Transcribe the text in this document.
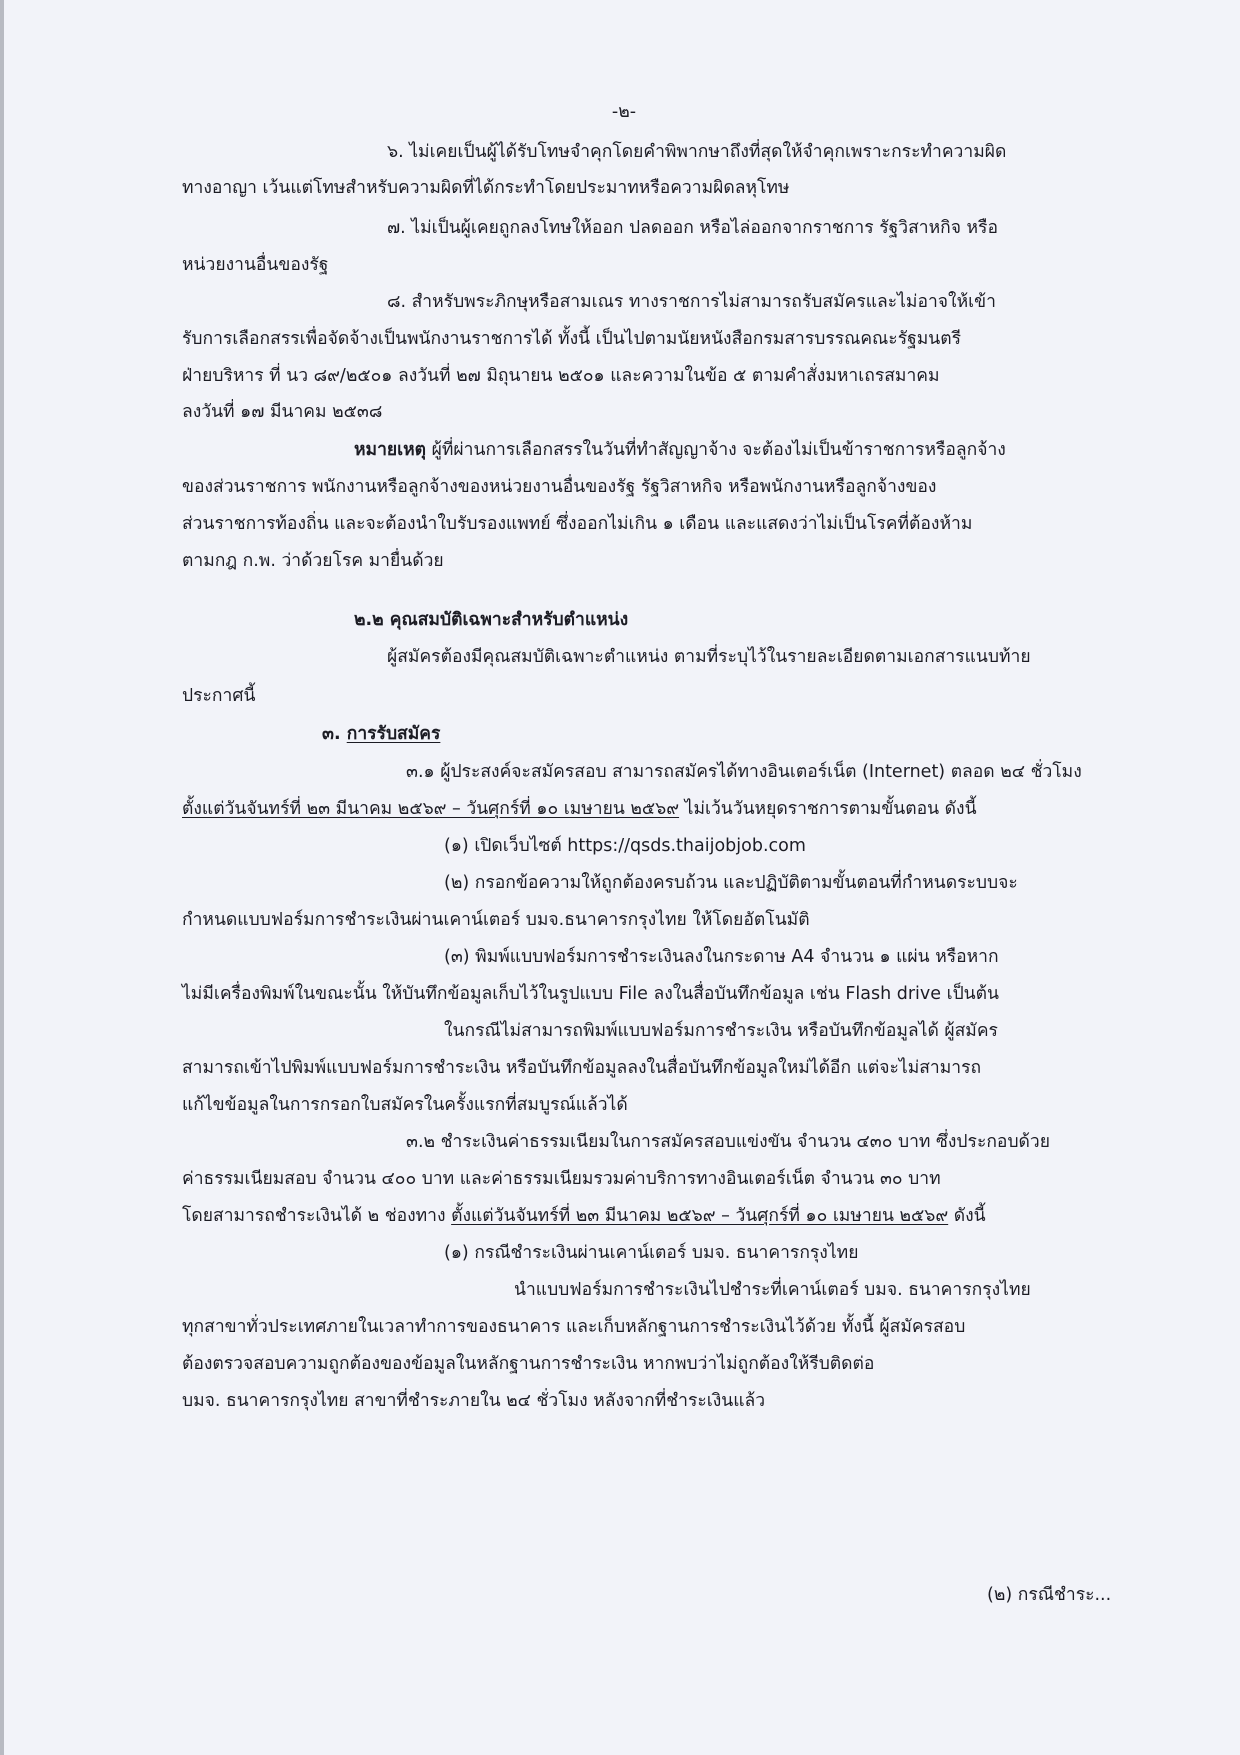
-๒-
๖. ไม่เคยเป็นผู้ได้รับโทษจำคุกโดยคำพิพากษาถึงที่สุดให้จำคุกเพราะกระทำความผิด
ทางอาญา เว้นแต่โทษสำหรับความผิดที่ได้กระทำโดยประมาทหรือความผิดลหุโทษ
๗. ไม่เป็นผู้เคยถูกลงโทษให้ออก ปลดออก หรือไล่ออกจากราชการ รัฐวิสาหกิจ หรือ
หน่วยงานอื่นของรัฐ
๘. สำหรับพระภิกษุหรือสามเณร ทางราชการไม่สามารถรับสมัครและไม่อาจให้เข้า
รับการเลือกสรรเพื่อจัดจ้างเป็นพนักงานราชการได้ ทั้งนี้ เป็นไปตามนัยหนังสือกรมสารบรรณคณะรัฐมนตรี
ฝ่ายบริหาร ที่ นว ๘๙/๒๕๐๑ ลงวันที่ ๒๗ มิถุนายน ๒๕๐๑ และความในข้อ ๕ ตามคำสั่งมหาเถรสมาคม
ลงวันที่ ๑๗ มีนาคม ๒๕๓๘
หมายเหตุ ผู้ที่ผ่านการเลือกสรรในวันที่ทำสัญญาจ้าง จะต้องไม่เป็นข้าราชการหรือลูกจ้าง
ของส่วนราชการ พนักงานหรือลูกจ้างของหน่วยงานอื่นของรัฐ รัฐวิสาหกิจ หรือพนักงานหรือลูกจ้างของ
ส่วนราชการท้องถิ่น และจะต้องนำใบรับรองแพทย์ ซึ่งออกไม่เกิน ๑ เดือน และแสดงว่าไม่เป็นโรคที่ต้องห้าม
ตามกฎ ก.พ. ว่าด้วยโรค มายื่นด้วย
๒.๒ คุณสมบัติเฉพาะสำหรับตำแหน่ง
ผู้สมัครต้องมีคุณสมบัติเฉพาะตำแหน่ง ตามที่ระบุไว้ในรายละเอียดตามเอกสารแนบท้าย
ประกาศนี้
๓. การรับสมัคร
๓.๑ ผู้ประสงค์จะสมัครสอบ สามารถสมัครได้ทางอินเตอร์เน็ต (Internet) ตลอด ๒๔ ชั่วโมง
ตั้งแต่วันจันทร์ที่ ๒๓ มีนาคม ๒๕๖๙ – วันศุกร์ที่ ๑๐ เมษายน ๒๕๖๙ ไม่เว้นวันหยุดราชการตามขั้นตอน ดังนี้
(๑) เปิดเว็บไซต์ https://qsds.thaijobjob.com
(๒) กรอกข้อความให้ถูกต้องครบถ้วน และปฏิบัติตามขั้นตอนที่กำหนดระบบจะ
กำหนดแบบฟอร์มการชำระเงินผ่านเคาน์เตอร์ บมจ.ธนาคารกรุงไทย ให้โดยอัตโนมัติ
(๓) พิมพ์แบบฟอร์มการชำระเงินลงในกระดาษ A4 จำนวน ๑ แผ่น หรือหาก
ไม่มีเครื่องพิมพ์ในขณะนั้น ให้บันทึกข้อมูลเก็บไว้ในรูปแบบ File ลงในสื่อบันทึกข้อมูล เช่น Flash drive เป็นต้น
ในกรณีไม่สามารถพิมพ์แบบฟอร์มการชำระเงิน หรือบันทึกข้อมูลได้ ผู้สมัคร
สามารถเข้าไปพิมพ์แบบฟอร์มการชำระเงิน หรือบันทึกข้อมูลลงในสื่อบันทึกข้อมูลใหม่ได้อีก แต่จะไม่สามารถ
แก้ไขข้อมูลในการกรอกใบสมัครในครั้งแรกที่สมบูรณ์แล้วได้
๓.๒ ชำระเงินค่าธรรมเนียมในการสมัครสอบแข่งขัน จำนวน ๔๓๐ บาท ซึ่งประกอบด้วย
ค่าธรรมเนียมสอบ จำนวน ๔๐๐ บาท และค่าธรรมเนียมรวมค่าบริการทางอินเตอร์เน็ต จำนวน ๓๐ บาท
โดยสามารถชำระเงินได้ ๒ ช่องทาง ตั้งแต่วันจันทร์ที่ ๒๓ มีนาคม ๒๕๖๙ – วันศุกร์ที่ ๑๐ เมษายน ๒๕๖๙ ดังนี้
(๑) กรณีชำระเงินผ่านเคาน์เตอร์ บมจ. ธนาคารกรุงไทย
นำแบบฟอร์มการชำระเงินไปชำระที่เคาน์เตอร์ บมจ. ธนาคารกรุงไทย
ทุกสาขาทั่วประเทศภายในเวลาทำการของธนาคาร และเก็บหลักฐานการชำระเงินไว้ด้วย ทั้งนี้ ผู้สมัครสอบ
ต้องตรวจสอบความถูกต้องของข้อมูลในหลักฐานการชำระเงิน หากพบว่าไม่ถูกต้องให้รีบติดต่อ
บมจ. ธนาคารกรุงไทย สาขาที่ชำระภายใน ๒๔ ชั่วโมง หลังจากที่ชำระเงินแล้ว
(๒) กรณีชำระ...
